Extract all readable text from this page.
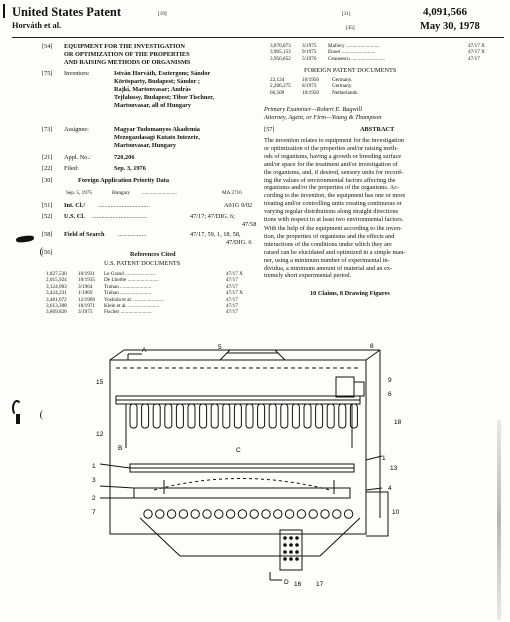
United States Patent	[19]
Horváth et al.
[11]	4,091,566
[45]	May 30, 1978
[54] EQUIPMENT FOR THE INVESTIGATION
OR OPTIMIZATION OF THE PROPERTIES
AND RAISING METHODS OF ORGANISMS
[75] Inventors:	István Horváth, Esztergom; Sándor
Körösparty, Budapest; Sándor ;
Rajki, Martonvasar; András
Tejfalussy, Budapest; Tibor Tischner,
Martonvasar, all of Hungary
[73] Assignee:	Magyar Tudomanyos Akademia
Mezogazdasagi Kutato Intezete,
Martonvasar, Hungary
[21] Appl. No.:	720,206
[22] Filed:	Sep. 3, 1976
[30]	Foreign Application Priority Data
Sep. 5, 1975	Hungary ...........................	MA 2716
[51] Int. Cl.² .................................	A01G 9/02
[52] U.S. Cl. ...................................	47/17; 47/DIG. 6;
47/58
[58] Field of Search ..................	47/17, 59, 1, 18, 58,
47/DIG. 6
[56]	References Cited
U.S. PATENT DOCUMENTS
1,827,530	10/1931	Le Grand ........................	47/17 X
2,015,924	10/1935	De Lhorbe ........................	47/17
3,124,903	3/1964	Truhan ........................	47/17
3,424,231	1/1969	Truhan ........................	47/17 X
3,481,072	12/1969	Yoshida et al. ........................	47/17
3,613,308	10/1971	Klein et al. ........................	47/17
3,869,826	3/1975	Fischer ........................	47/17
3,870,873	3/1975	Mallory ..........................	47/17 X
3,905,153	9/1975	Enoer ..........................	47/17 X
3,956,852	5/1976	Ceausescu ..........................	47/17
FOREIGN PATENT DOCUMENTS
22,124	10/1956	Germany.
2,206,275	8/1973	Germany.
66,509	10/1950	Netherlands.
Primary Examiner—Robert E. Bagwill
Attorney, Agent, or Firm—Young & Thompson
[57]	ABSTRACT
The invention relates to equipment for the investigation
or optimization of the properties and/or raising meth-
ods of organisms, having a growth or breeding surface
and/or space for the treatment and/or investigation of
the organisms, and, if desired, sensory units for record-
ing the values of environmental factors affecting the
organisms and/or the properties of the organisms. Ac-
cording to the invention, the equipment has one or more
treating and/or controlling units creating continuous or
varying regular distributions along straight directions
tions with respect to at least two environmental factors.
With the help of the equipment according to the inven-
tion, the properties of organisms and the effects and
interactions of the conditions under which they are
raised can be elucidated and optimized in a simple man-
ner, using a minimum number of experimental in-
dividua, a minimum amount of material and an ex-
tremely short experimental period.
10 Claims, 8 Drawing Figures
A	5	8
9
15
6
12
18
B	C
1
13
1
3
2
4
7	10
D 16 17
